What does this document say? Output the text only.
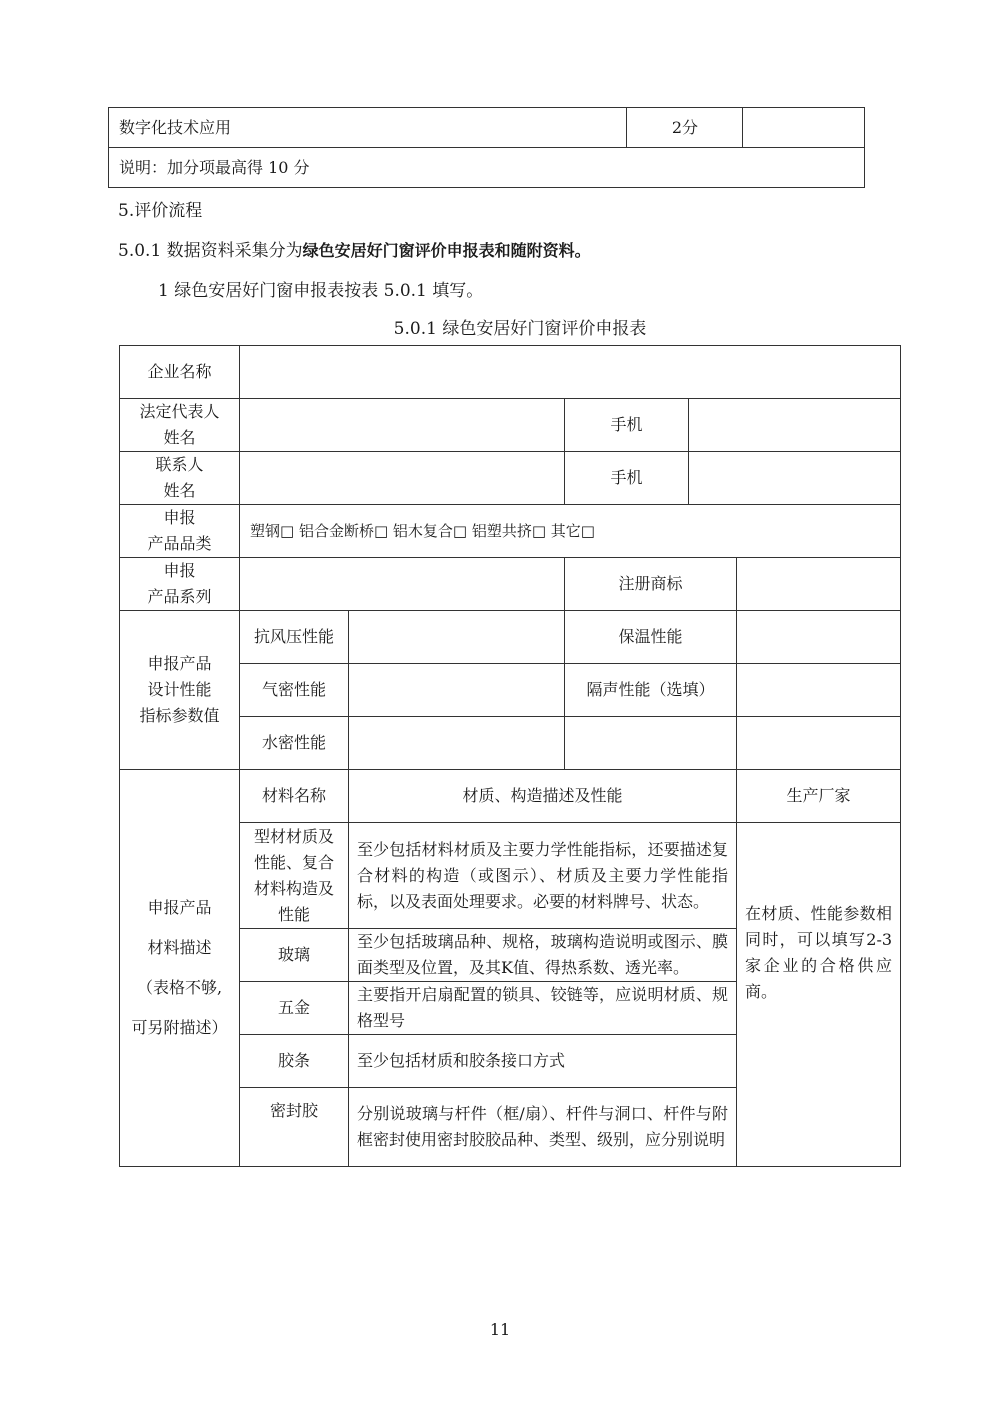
数字化技术应用	2分	
说明：加分项最高得 10 分
5.评价流程
5.0.1 数据资料采集分为绿色安居好门窗评价申报表和随附资料。
1 绿色安居好门窗申报表按表 5.0.1 填写。
5.0.1 绿色安居好门窗评价申报表
企业名称					

法定代表人
姓名			手机		

联系人
姓名			手机		

申报
产品品类	塑钢□ 铝合金断桥□ 铝木复合□ 铝塑共挤□ 其它□				

申报
产品系列			注册商标		

申报产品
设计性能
指标参数值	抗风压性能		保温性能		
	气密性能		隔声性能（选填）		
	水密性能				

申报产品
材料描述
（表格不够,
可另附描述）	材料名称	材质、构造描述及性能			生产厂家

	型材材质及
性能、复合
材料构造及
性能	至少包括材料材质及主要力学性能指标，还要描述复合材料的构造（或图示）、材质及主要力学性能指标，以及表面处理要求。必要的材料牌号、状态。			在材质、性能参数相同时，可以填写2-3家企业的合格供应商。
	玻璃	至少包括玻璃品种、规格，玻璃构造说明或图示、膜面类型及位置，及其K值、得热系数、透光率。			
	五金	主要指开启扇配置的锁具、铰链等，应说明材质、规格型号			
	胶条	至少包括材质和胶条接口方式			
	密封胶	分别说玻璃与杆件（框/扇）、杆件与洞口、杆件与附框密封使用密封胶胶品种、类型、级别，应分别说明			
11
